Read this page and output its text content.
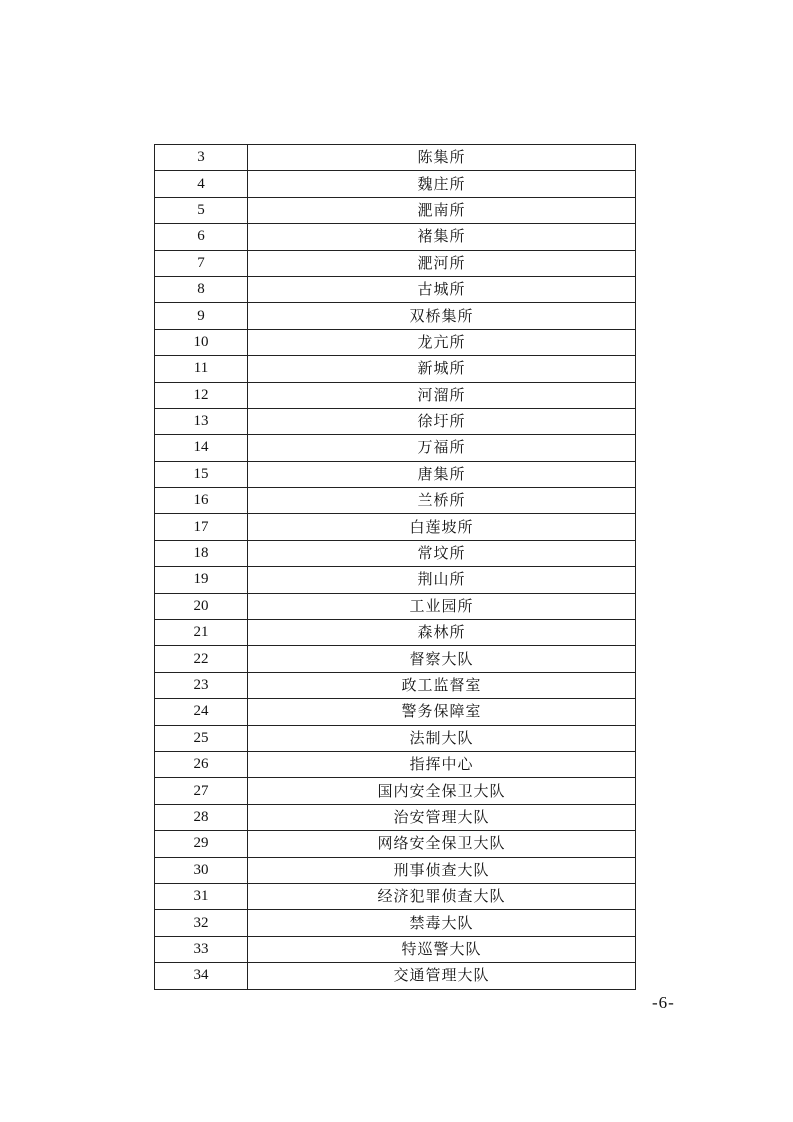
3	陈集所
4	魏庄所
5	淝南所
6	褚集所
7	淝河所
8	古城所
9	双桥集所
10	龙亢所
11	新城所
12	河溜所
13	徐圩所
14	万福所
15	唐集所
16	兰桥所
17	白莲坡所
18	常坟所
19	荆山所
20	工业园所
21	森林所
22	督察大队
23	政工监督室
24	警务保障室
25	法制大队
26	指挥中心
27	国内安全保卫大队
28	治安管理大队
29	网络安全保卫大队
30	刑事侦查大队
31	经济犯罪侦查大队
32	禁毒大队
33	特巡警大队
34	交通管理大队
-6-
